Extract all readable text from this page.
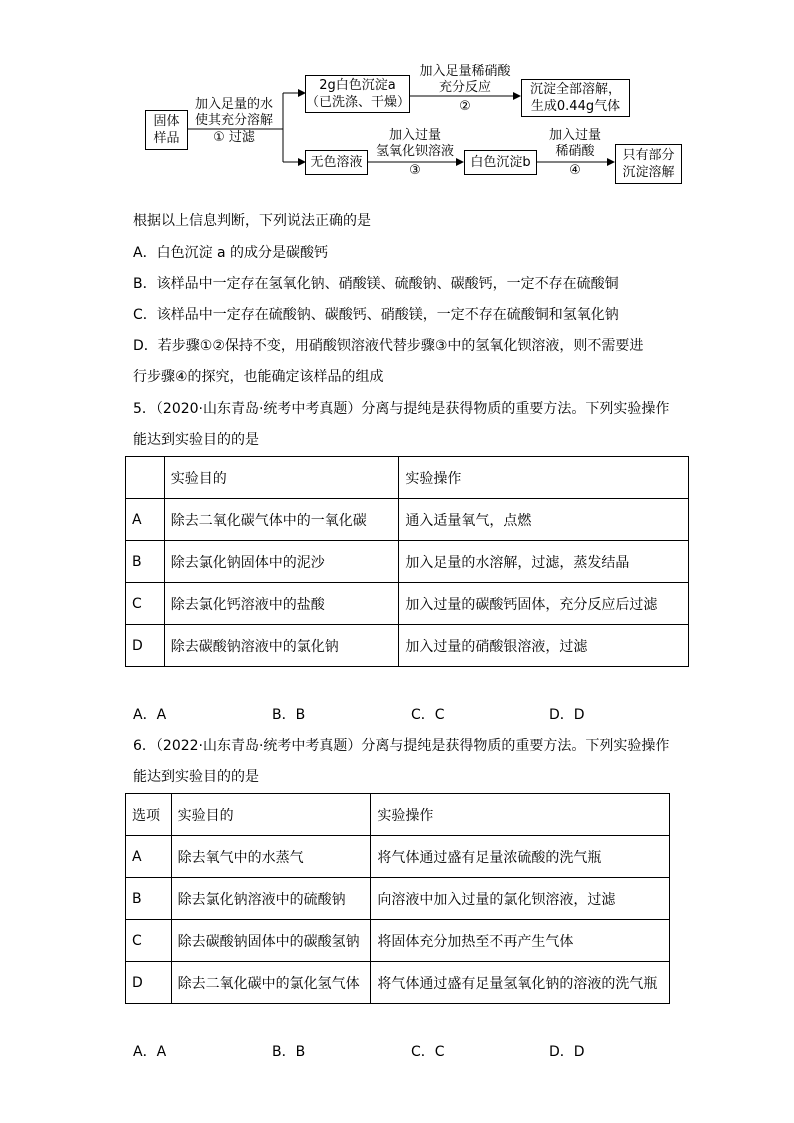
固体
样品
加入足量的水
使其充分溶解
① 过滤
2g白色沉淀a
（已洗涤、干燥）
加入足量稀硝酸
充分反应
②
沉淀全部溶解，
生成0.44g气体
无色溶液
加入过量
氢氧化钡溶液
③
白色沉淀b
加入过量
稀硝酸
④
只有部分
沉淀溶解
根据以上信息判断，下列说法正确的是
A．白色沉淀 a 的成分是碳酸钙
B．该样品中一定存在氢氧化钠、硝酸镁、硫酸钠、碳酸钙，一定不存在硫酸铜
C．该样品中一定存在硫酸钠、碳酸钙、硝酸镁，一定不存在硫酸铜和氢氧化钠
D．若步骤①②保持不变，用硝酸钡溶液代替步骤③中的氢氧化钡溶液，则不需要进
行步骤④的探究，也能确定该样品的组成
5．（2020·山东青岛·统考中考真题）分离与提纯是获得物质的重要方法。下列实验操作
能达到实验目的的是
	实验目的	实验操作
A	除去二氧化碳气体中的一氧化碳	通入适量氧气，点燃
B	除去氯化钠固体中的泥沙	加入足量的水溶解，过滤，蒸发结晶
C	除去氯化钙溶液中的盐酸	加入过量的碳酸钙固体，充分反应后过滤
D	除去碳酸钠溶液中的氯化钠	加入过量的硝酸银溶液，过滤
A．A	B．B	C．C	D．D
6．（2022·山东青岛·统考中考真题）分离与提纯是获得物质的重要方法。下列实验操作
能达到实验目的的是
选项	实验目的	实验操作
A	除去氧气中的水蒸气	将气体通过盛有足量浓硫酸的洗气瓶
B	除去氯化钠溶液中的硫酸钠	向溶液中加入过量的氯化钡溶液，过滤
C	除去碳酸钠固体中的碳酸氢钠	将固体充分加热至不再产生气体
D	除去二氧化碳中的氯化氢气体	将气体通过盛有足量氢氧化钠的溶液的洗气瓶
A．A	B．B	C．C	D．D
